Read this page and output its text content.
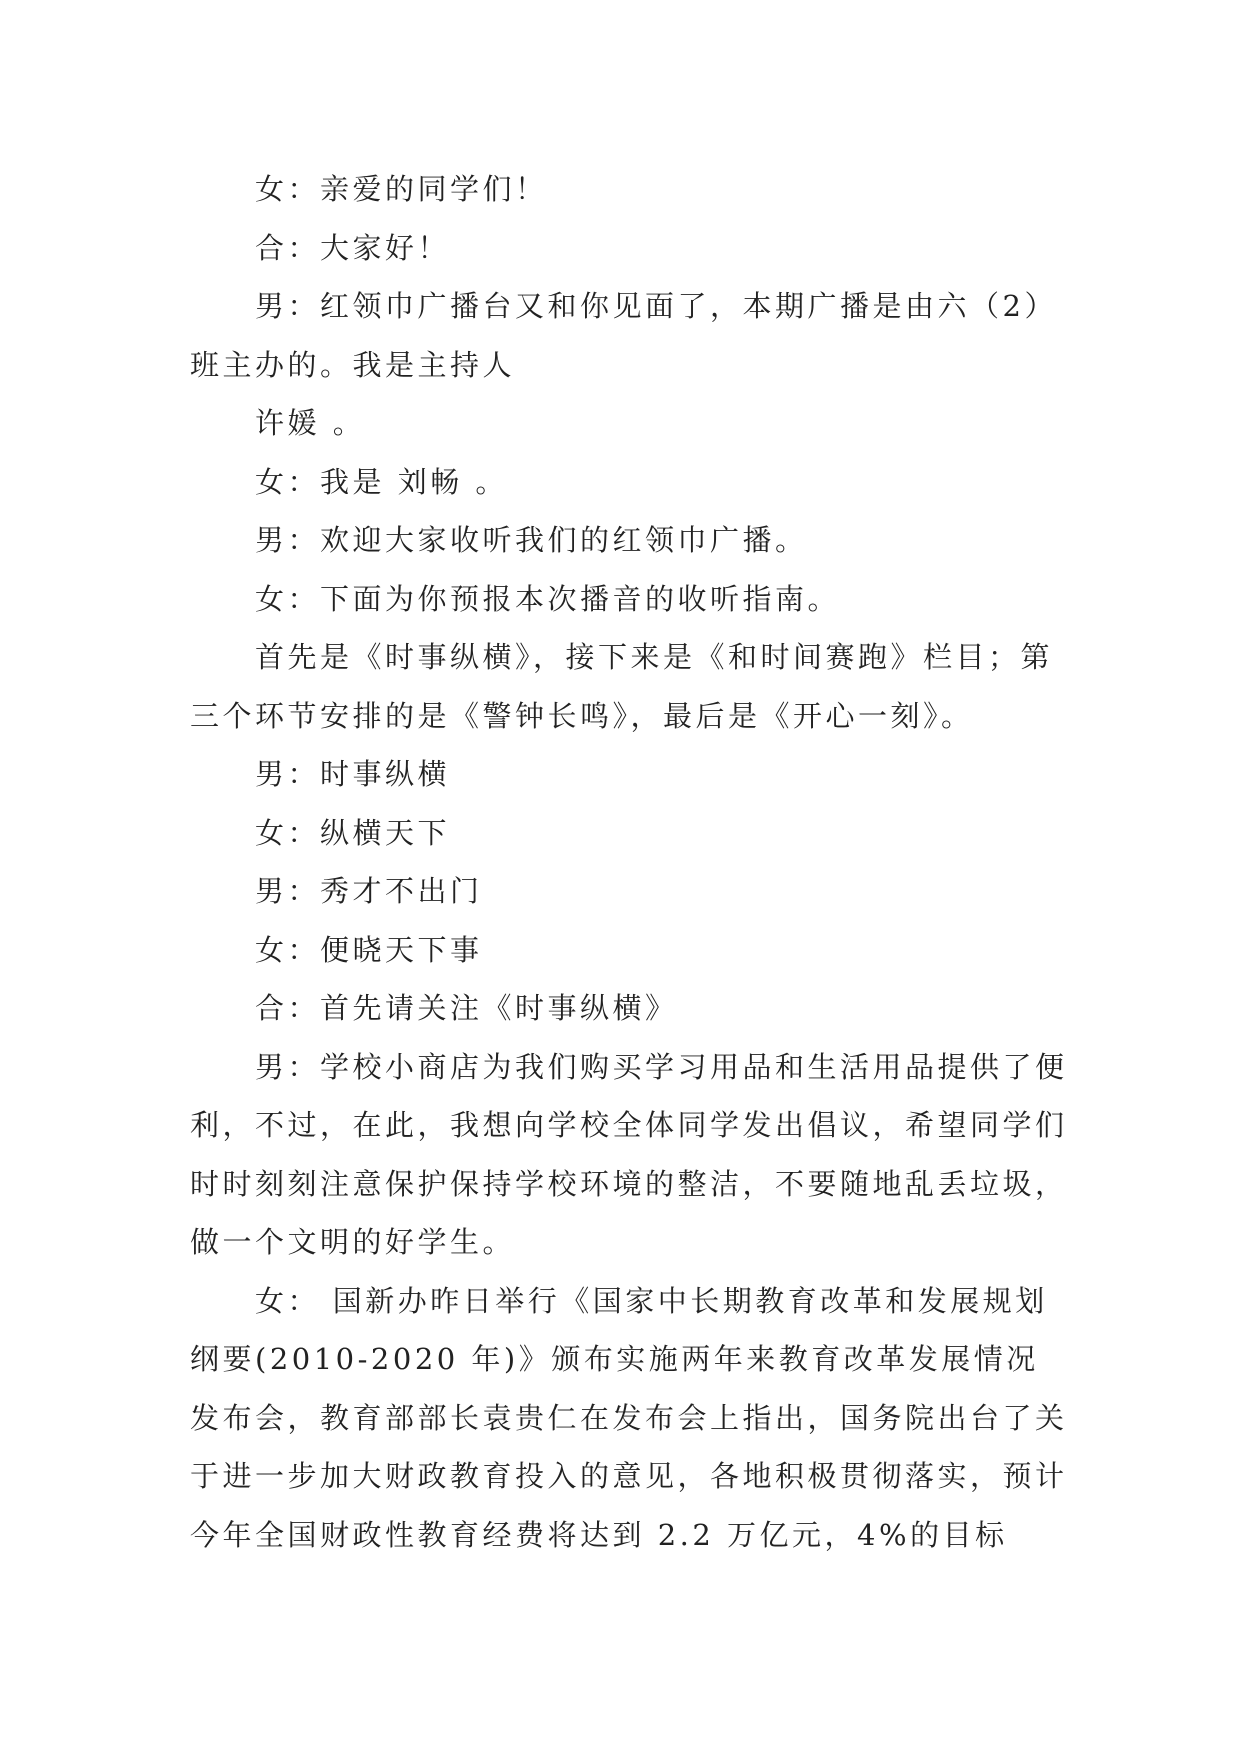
女：亲爱的同学们！

合：大家好！

男：红领巾广播台又和你见面了，本期广播是由六（2）班主办的。我是主持人

许媛 。

女：我是 刘畅 。

男：欢迎大家收听我们的红领巾广播。

女：下面为你预报本次播音的收听指南。

首先是《时事纵横》，接下来是《和时间赛跑》栏目；第三个环节安排的是《警钟长鸣》，最后是《开心一刻》。

男：时事纵横

女：纵横天下

男：秀才不出门

女：便晓天下事

合：首先请关注《时事纵横》

男：学校小商店为我们购买学习用品和生活用品提供了便利，不过，在此，我想向学校全体同学发出倡议，希望同学们时时刻刻注意保护保持学校环境的整洁，不要随地乱丢垃圾，做一个文明的好学生。

女： 国新办昨日举行《国家中长期教育改革和发展规划纲要(2010-2020 年)》颁布实施两年来教育改革发展情况发布会，教育部部长袁贵仁在发布会上指出，国务院出台了关于进一步加大财政教育投入的意见，各地积极贯彻落实，预计今年全国财政性教育经费将达到 2.2 万亿元，4%的目标
